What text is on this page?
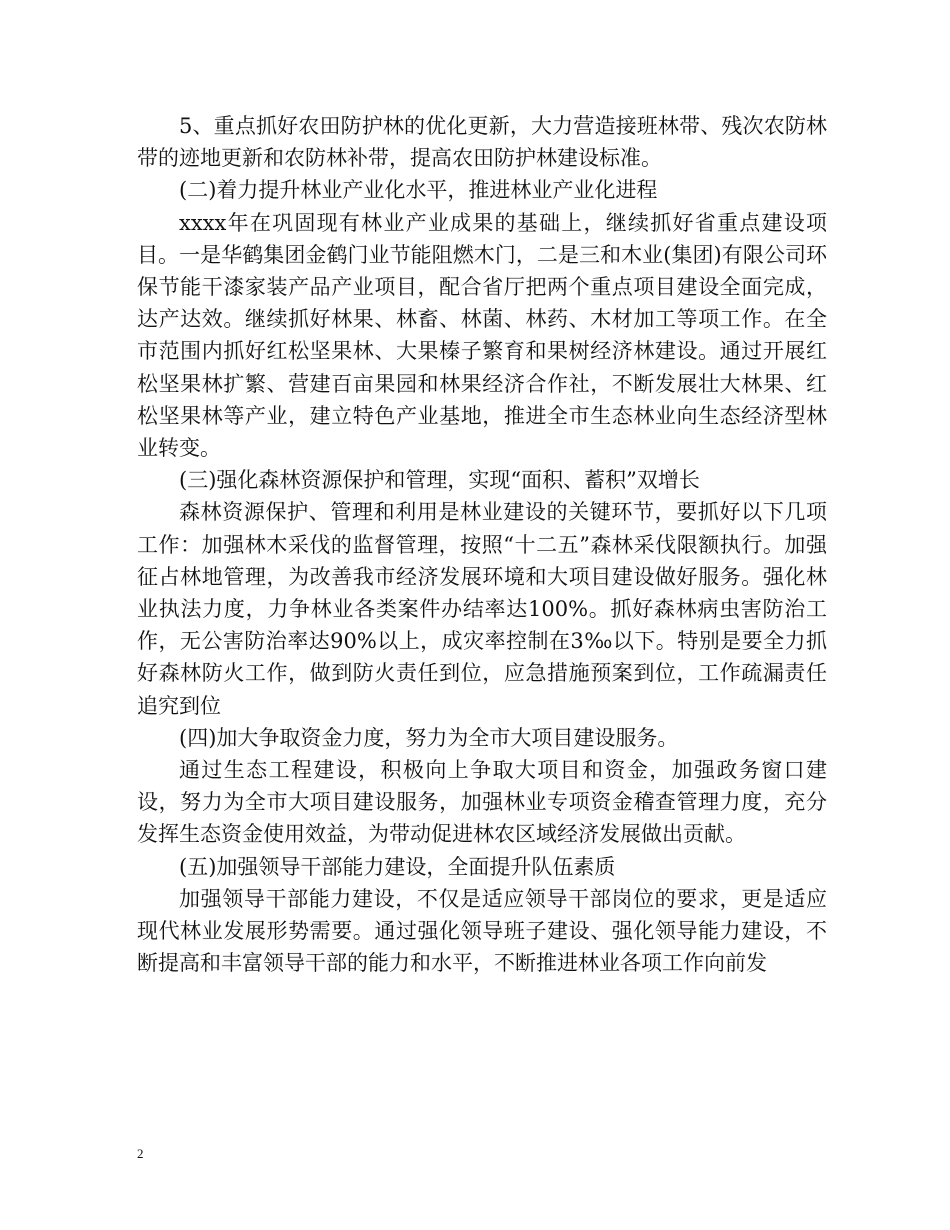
5、重点抓好农田防护林的优化更新，大力营造接班林带、残次农防林带的迹地更新和农防林补带，提高农田防护林建设标准。

(二)着力提升林业产业化水平，推进林业产业化进程

xxxx年在巩固现有林业产业成果的基础上，继续抓好省重点建设项目。一是华鹤集团金鹤门业节能阻燃木门，二是三和木业(集团)有限公司环保节能干漆家装产品产业项目，配合省厅把两个重点项目建设全面完成，达产达效。继续抓好林果、林畜、林菌、林药、木材加工等项工作。在全市范围内抓好红松坚果林、大果榛子繁育和果树经济林建设。通过开展红松坚果林扩繁、营建百亩果园和林果经济合作社，不断发展壮大林果、红松坚果林等产业，建立特色产业基地，推进全市生态林业向生态经济型林业转变。

(三)强化森林资源保护和管理，实现“面积、蓄积”双增长

森林资源保护、管理和利用是林业建设的关键环节，要抓好以下几项工作：加强林木采伐的监督管理，按照“十二五”森林采伐限额执行。加强征占林地管理，为改善我市经济发展环境和大项目建设做好服务。强化林业执法力度，力争林业各类案件办结率达100%。抓好森林病虫害防治工作，无公害防治率达90%以上，成灾率控制在3‰以下。特别是要全力抓好森林防火工作，做到防火责任到位，应急措施预案到位，工作疏漏责任追究到位

(四)加大争取资金力度，努力为全市大项目建设服务。

通过生态工程建设，积极向上争取大项目和资金，加强政务窗口建设，努力为全市大项目建设服务，加强林业专项资金稽查管理力度，充分发挥生态资金使用效益，为带动促进林农区域经济发展做出贡献。

(五)加强领导干部能力建设，全面提升队伍素质

加强领导干部能力建设，不仅是适应领导干部岗位的要求，更是适应现代林业发展形势需要。通过强化领导班子建设、强化领导能力建设，不断提高和丰富领导干部的能力和水平，不断推进林业各项工作向前发

2
